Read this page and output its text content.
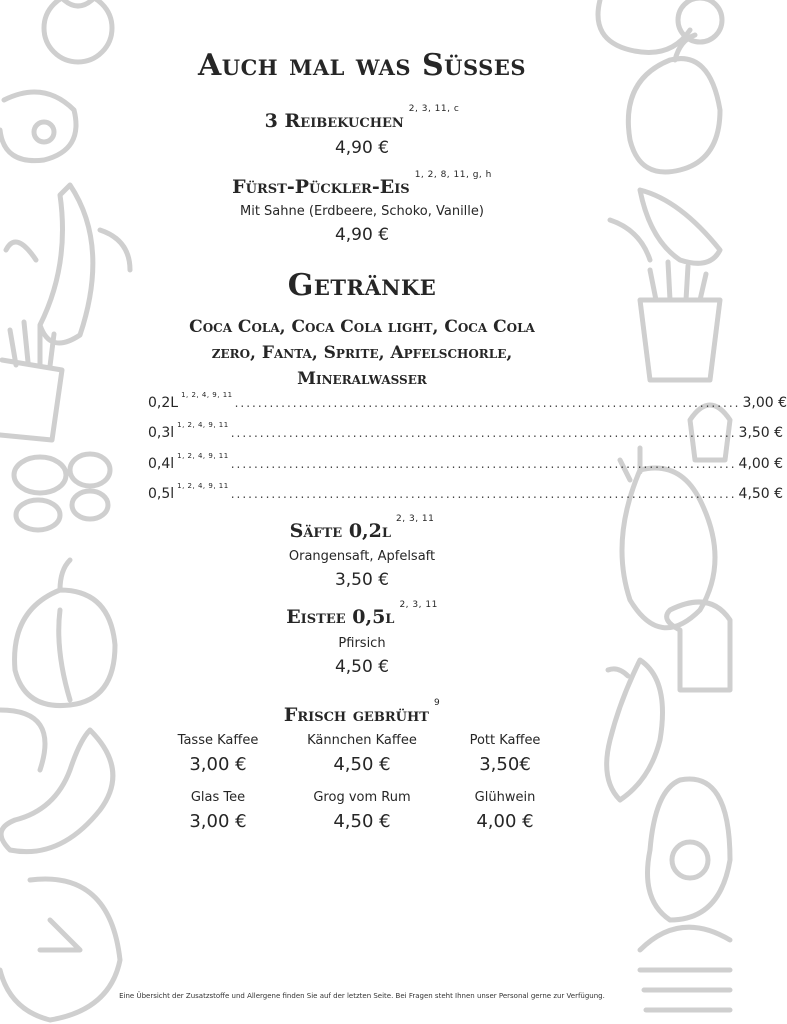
Auch mal was Süsses
3 Reibekuchen$^{2, 3, 11, c}$
4,90 €
Fürst-Pückler-Eis$^{1, 2, 8, 11, g, h}$
Mit Sahne (Erdbeere, Schoko, Vanille)
4,90 €
Getränke
Coca Cola, Coca Cola light, Coca Cola
zero, Fanta, Sprite, Apfelschorle,
Mineralwasser
0,2L $^{1, 2, 4, 9, 11}$
....................................................................................... 3,00 €
0,3l $^{1, 2, 4, 9, 11}$
....................................................................................... 3,50 €
0,4l $^{1, 2, 4, 9, 11}$
....................................................................................... 4,00 €
0,5l $^{1, 2, 4, 9, 11}$
....................................................................................... 4,50 €
Säfte $0,2l^{2, 3, 11}$
Orangensaft, Apfelsaft
3,50 €
Eistee $0,5l^{2, 3, 11}$
Pfirsich
4,50 €
Frisch gebrüht$^9$
Tasse Kaffee
3,00 €
Kännchen Kaffee
4,50 €
Pott Kaffee
3,50€
Glas Tee
3,00 €
Grog vom Rum
4,50 €
Glühwein
4,00 €
Eine Übersicht der Zusatzstoffe und Allergene finden Sie auf der letzten Seite. Bei Fragen steht Ihnen unser Personal gerne zur Verfügung.
